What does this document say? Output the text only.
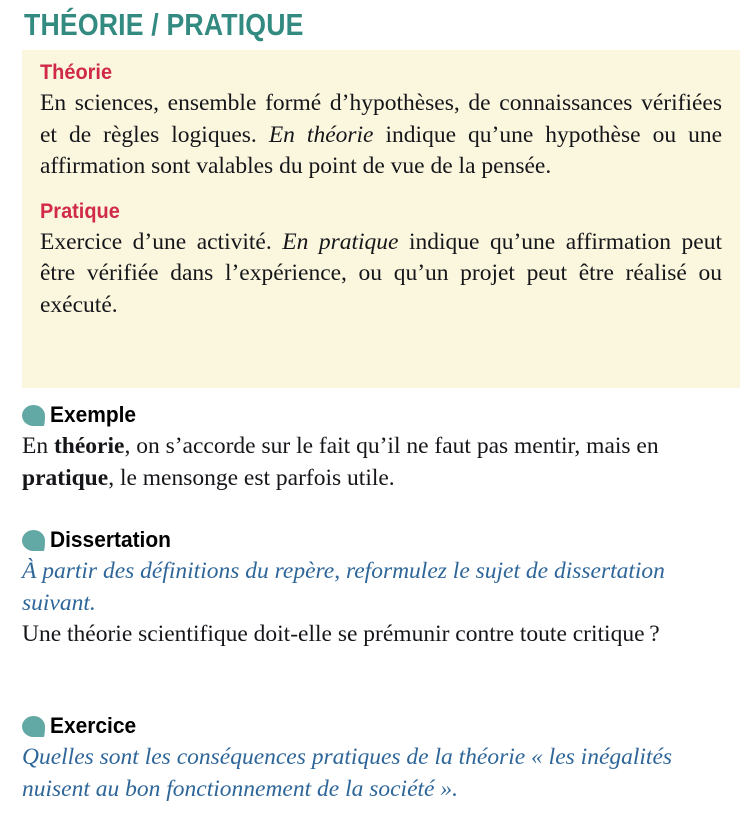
THÉORIE / PRATIQUE
Théorie

En sciences, ensemble formé d’hypothèses, de connaissances vérifiées et de règles logiques. En théorie indique qu’une hypothèse ou une affirmation sont valables du point de vue de la pensée.

Pratique

Exercice d’une activité. En pratique indique qu’une affirmation peut être vérifiée dans l’expérience, ou qu’un projet peut être réalisé ou exécuté.

Exemple

En théorie, on s’accorde sur le fait qu’il ne faut pas mentir, mais en pratique, le mensonge est parfois utile.

Dissertation

À partir des définitions du repère, reformulez le sujet de dissertation suivant.

Une théorie scientifique doit-elle se prémunir contre toute critique ?

Exercice

Quelles sont les conséquences pratiques de la théorie « les inégalités nuisent au bon fonctionnement de la société ».
